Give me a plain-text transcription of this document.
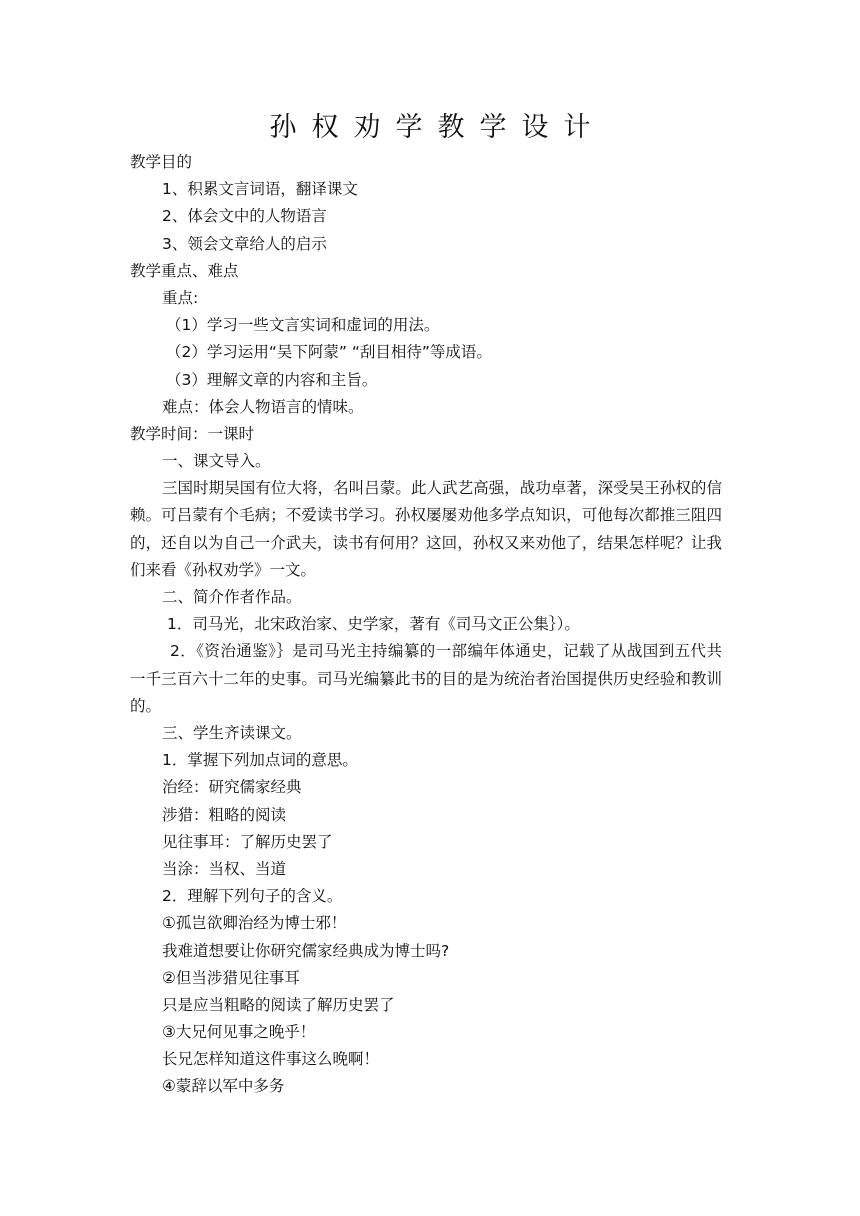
孙权劝学教学设计
教学目的
1、积累文言词语，翻译课文
2、体会文中的人物语言
3、领会文章给人的启示
教学重点、难点
重点:
（1）学习一些文言实词和虚词的用法。
（2）学习运用“吴下阿蒙” “刮目相待”等成语。
（3）理解文章的内容和主旨。
难点：体会人物语言的情味。
教学时间：一课时
一、课文导入。
三国时期吴国有位大将，名叫吕蒙。此人武艺高强，战功卓著，深受吴王孙权的信赖。可吕蒙有个毛病；不爱读书学习。孙权屡屡劝他多学点知识，可他每次都推三阻四的，还自以为自己一介武夫，读书有何用？这回，孙权又来劝他了，结果怎样呢？让我们来看《孙权劝学》一文。
二、简介作者作品。
1．司马光，北宋政治家、史学家，著有《司马文正公集｝）。
2．《资治通鉴》｝是司马光主持编纂的一部编年体通史，记载了从战国到五代共一千三百六十二年的史事。司马光编纂此书的目的是为统治者治国提供历史经验和教训的。
三、学生齐读课文。
1．掌握下列加点词的意思。
治经：研究儒家经典
涉猎：粗略的阅读
见往事耳：了解历史罢了
当涂：当权、当道
2．理解下列句子的含义。
①孤岂欲卿治经为博士邪！
我难道想要让你研究儒家经典成为博士吗?
②但当涉猎见往事耳
只是应当粗略的阅读了解历史罢了
③大兄何见事之晚乎！
长兄怎样知道这件事这么晚啊！
④蒙辞以军中多务
